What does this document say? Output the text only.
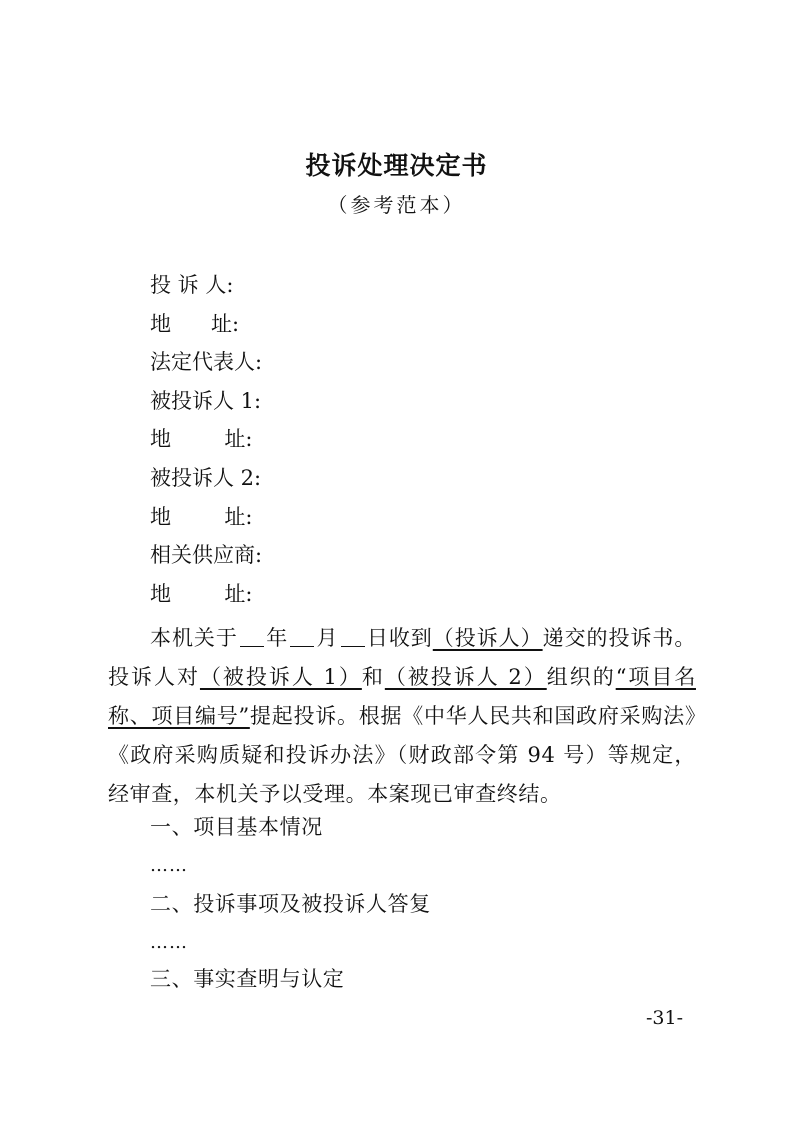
投诉处理决定书
（参考范本）
投 诉 人:
地      址:
法定代表人:
被投诉人 1:
地        址:
被投诉人 2:
地        址:
相关供应商:
地        址:
本机关于 年 月 日收到（投诉人）递交的投诉书。投诉人对（被投诉人 1）和（被投诉人 2）组织的“项目名称、项目编号”提起投诉。根据《中华人民共和国政府采购法》《政府采购质疑和投诉办法》（财政部令第 94 号）等规定，经审查，本机关予以受理。本案现已审查终结。
一、项目基本情况
……
二、投诉事项及被投诉人答复
……
三、事实查明与认定
-31-
